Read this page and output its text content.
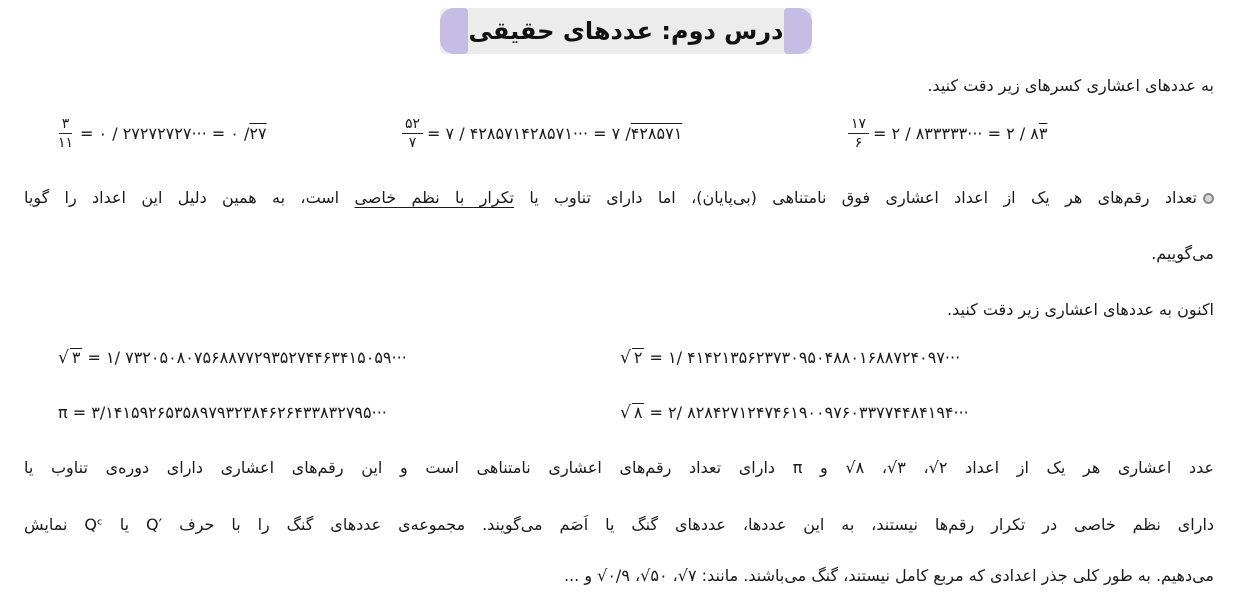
درس دوم: عددهای حقیقی
به عددهای اعشاری کسرهای زیر دقت کنید.
$\frac{۱۷}{۶}$ = ۲ / ۸۳۳۳۳۳··· = ۲ / ۸ ۳
$\frac{۵۲}{۷}$ = ۷ / ۴۲۸۵۷۱۴۲۸۵۷۱··· = ۷ / ۴۲۸۵۷۱
$\frac{۳}{۱۱}$ = ۰ / ۲۷۲۷۲۷۲۷··· = ۰ / ۲۷
تعداد رقم‌های هر یک از اعداد اعشاری فوق نامتناهی (بی‌پایان)، اما دارای تناوب یا تکرار با نظم خاصی است، به همین دلیل این اعداد را گویا
می‌گوییم.
اکنون به عددهای اعشاری زیر دقت کنید.
√ ۲ = ۱/ ۴۱۴۲۱۳۵۶۲۳۷۳۰۹۵۰۴۸۸۰۱۶۸۸۷۲۴۰۹۷···
√ ۳ = ۱/ ۷۳۲۰۵۰۸۰۷۵۶۸۸۷۷۲۹۳۵۲۷۴۴۶۳۴۱۵۰۵۹···
√ ۸ = ۲/ ۸۲۸۴۲۷۱۲۴۷۴۶۱۹۰۰۹۷۶۰۳۳۷۷۴۴۸۴۱۹۴···
π = ۳/۱۴۱۵۹۲۶۵۳۵۸۹۷۹۳۲۳۸۴۶۲۶۴۳۳۸۳۲۷۹۵···
عدد اعشاری هر یک از اعداد ۲√، ۳√، ۸√ و π دارای تعداد رقم‌های اعشاری نامتناهی است و این رقم‌های اعشاری دارای دوره‌ی تناوب یا
دارای نظم خاصی در تکرار رقم‌ها نیستند، به این عددها، عددهای گنگ یا اَصَم می‌گویند. مجموعه‌ی عددهای گنگ را با حرف ′Q یا Qᶜ نمایش
می‌دهیم. به طور کلی جذر اعدادی که مربع کامل نیستند، گنگ می‌باشند. مانند: ۷√، ۵۰√، ۰/۹√ و ...
